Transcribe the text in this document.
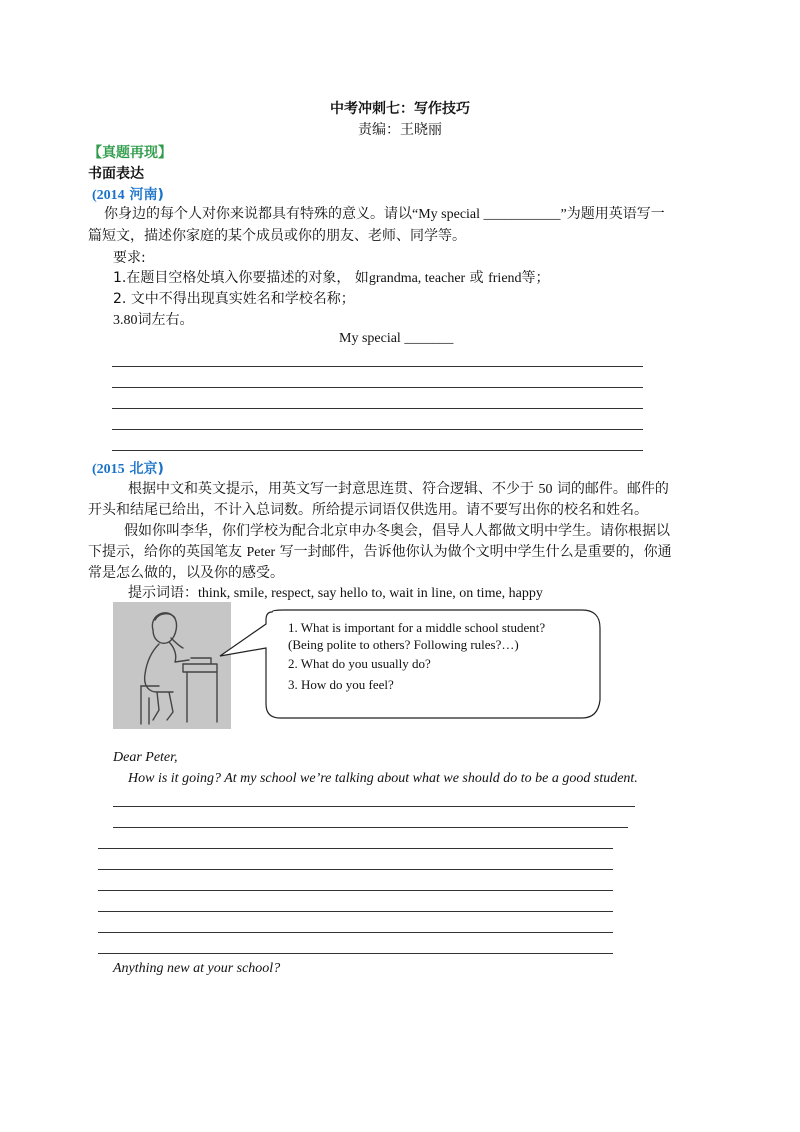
中考冲刺七：写作技巧
责编：王晓丽
【真题再现】
书面表达
(2014 河南)
你身边的每个人对你来说都具有特殊的意义。请以“My special ___________”为题用英语写一
篇短文，描述你家庭的某个成员或你的朋友、老师、同学等。
要求:
1.在题目空格处填入你要描述的对象， 如grandma, teacher 或 friend等；
2. 文中不得出现真实姓名和学校名称；
3.80词左右。
My special _______
(2015 北京)
根据中文和英文提示，用英文写一封意思连贯、符合逻辑、不少于 50 词的邮件。邮件的
开头和结尾已给出，不计入总词数。所给提示词语仅供选用。请不要写出你的校名和姓名。
假如你叫李华，你们学校为配合北京申办冬奥会，倡导人人都做文明中学生。请你根据以
下提示，给你的英国笔友 Peter 写一封邮件，告诉他你认为做个文明中学生什么是重要的，你通
常是怎么做的，以及你的感受。
提示词语：think, smile, respect, say hello to, wait in line, on time, happy
1. What is important for a middle school student?
(Being polite to others? Following rules?…)
2. What do you usually do?
3. How do you feel?
Dear Peter,
How is it going? At my school we’re talking about what we should do to be a good student.
Anything new at your school?
